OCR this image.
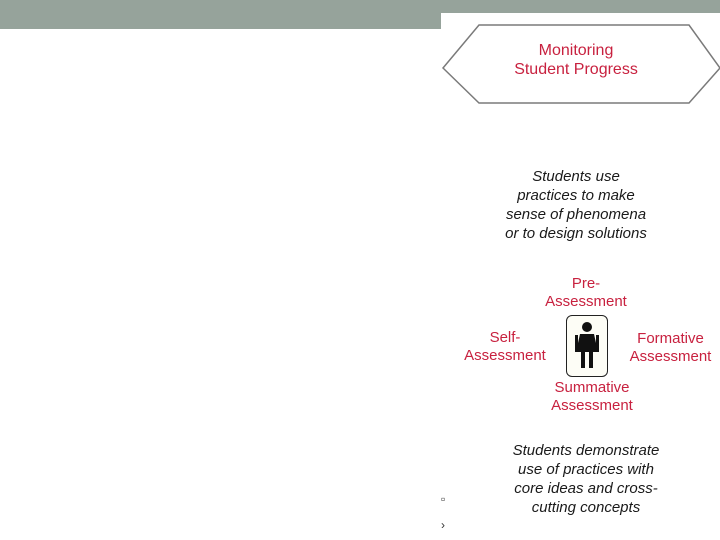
Monitoring
Student Progress
Students use
practices to make
sense of phenomena
or to design solutions
Pre-
Assessment
Self-
Assessment
Formative
Assessment
Summative
Assessment
Students demonstrate
use of practices with
core ideas and cross-
cutting concepts
▫
›
